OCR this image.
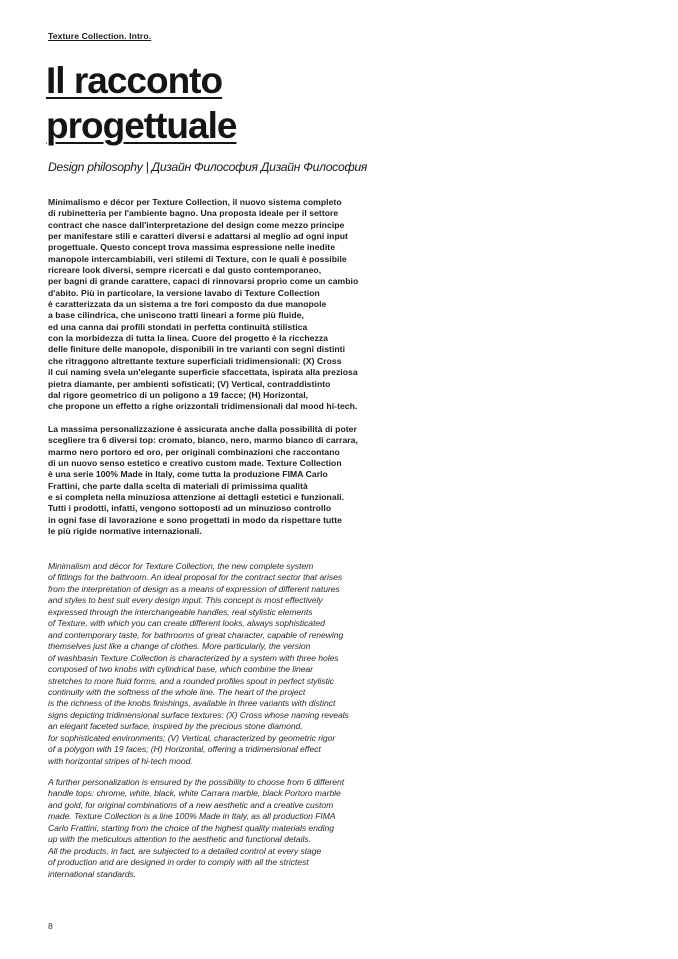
Texture Collection. Intro.
Il racconto
progettuale
Design philosophy | Дизайн Философия Дизайн Философия
Minimalismo e décor per Texture Collection, il nuovo sistema completo
di rubinetteria per l'ambiente bagno. Una proposta ideale per il settore
contract che nasce dall'interpretazione del design come mezzo principe
per manifestare stili e caratteri diversi e adattarsi al meglio ad ogni input
progettuale. Questo concept trova massima espressione nelle inedite
manopole intercambiabili, veri stilemi di Texture, con le quali è possibile
ricreare look diversi, sempre ricercati e dal gusto contemporaneo,
per bagni di grande carattere, capaci di rinnovarsi proprio come un cambio
d'abito. Più in particolare, la versione lavabo di Texture Collection
è caratterizzata da un sistema a tre fori composto da due manopole
a base cilindrica, che uniscono tratti lineari a forme più fluide,
ed una canna dai profili stondati in perfetta continuità stilistica
con la morbidezza di tutta la linea. Cuore del progetto è la ricchezza
delle finiture delle manopole, disponibili in tre varianti con segni distinti
che ritraggono altrettante texture superficiali tridimensionali: (X) Cross
il cui naming svela un'elegante superficie sfaccettata, ispirata alla preziosa
pietra diamante, per ambienti sofisticati; (V) Vertical, contraddistinto
dal rigore geometrico di un poligono a 19 facce; (H) Horizontal,
che propone un effetto a righe orizzontali tridimensionali dal mood hi-tech.
La massima personalizzazione è assicurata anche dalla possibilità di poter
scegliere tra 6 diversi top: cromato, bianco, nero, marmo bianco di carrara,
marmo nero portoro ed oro, per originali combinazioni che raccontano
di un nuovo senso estetico e creativo custom made. Texture Collection
è una serie 100% Made in Italy, come tutta la produzione FIMA Carlo
Frattini, che parte dalla scelta di materiali di primissima qualità
e si completa nella minuziosa attenzione ai dettagli estetici e funzionali.
Tutti i prodotti, infatti, vengono sottoposti ad un minuzioso controllo
in ogni fase di lavorazione e sono progettati in modo da rispettare tutte
le più rigide normative internazionali.
Minimalism and décor for Texture Collection, the new complete system
of fittings for the bathroom. An ideal proposal for the contract sector that arises
from the interpretation of design as a means of expression of different natures
and styles to best suit every design input. This concept is most effectively
expressed through the interchangeable handles, real stylistic elements
of Texture, with which you can create different looks, always sophisticated
and contemporary taste, for bathrooms of great character, capable of renewing
themselves just like a change of clothes. More particularly, the version
of washbasin Texture Collection is characterized by a system with three holes
composed of two knobs with cylindrical base, which combine the linear
stretches to more fluid forms, and a rounded profiles spout in perfect stylistic
continuity with the softness of the whole line. The heart of the project
is the richness of the knobs finishings, available in three variants with distinct
signs depicting tridimensional surface textures: (X) Cross whose naming reveals
an elegant faceted surface, inspired by the precious stone diamond,
for sophisticated environments; (V) Vertical, characterized by geometric rigor
of a polygon with 19 faces; (H) Horizontal, offering a tridimensional effect
with horizontal stripes of hi-tech mood.
A further personalization is ensured by the possibility to choose from 6 different
handle tops: chrome, white, black, white Carrara marble, black Portoro marble
and gold, for original combinations of a new aesthetic and a creative custom
made. Texture Collection is a line 100% Made in Italy, as all production FIMA
Carlo Frattini, starting from the choice of the highest quality materials ending
up with the meticulous attention to the aesthetic and functional details.
All the products, in fact, are subjected to a detailed control at every stage
of production and are designed in order to comply with all the strictest
international standards.
8
